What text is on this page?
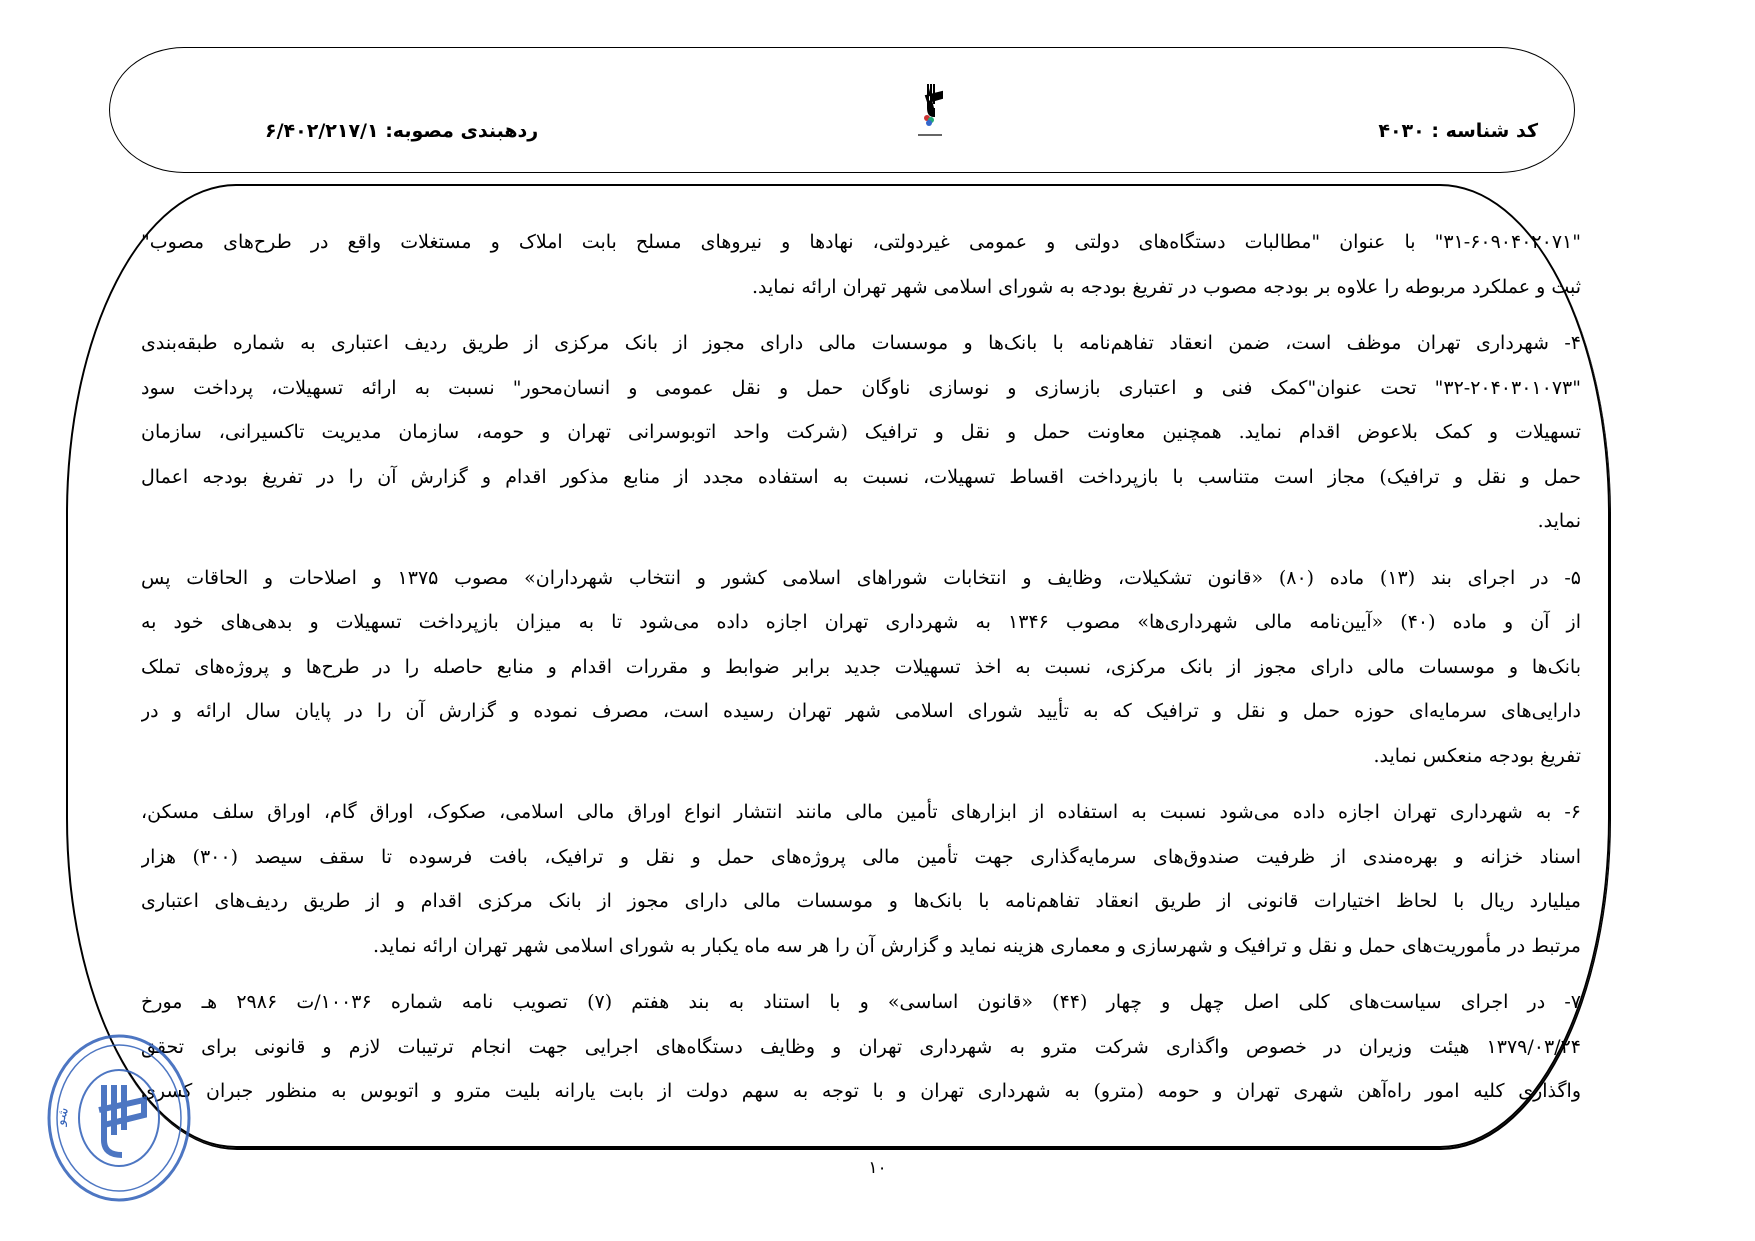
کد شناسه : ۴۰۳۰
ردهبندی مصوبه: ۶/۴۰۲/۲۱۷/۱
"۳۱-۶۰۹۰۴۰۲۰۷۱" با عنوان "مطالبات دستگاه‌های دولتی و عمومی غیردولتی، نهادها و نیروهای مسلح بابت املاک و مستغلات واقع در طرح‌های مصوب"
ثبت و عملکرد مربوطه را علاوه بر بودجه مصوب در تفریغ بودجه به شورای اسلامی شهر تهران ارائه نماید.
۴- شهرداری تهران موظف است، ضمن انعقاد تفاهم‌نامه با بانک‌ها و موسسات مالی دارای مجوز از بانک مرکزی از طریق ردیف اعتباری به شماره طبقه‌بندی
"۳۲-۲۰۴۰۳۰۱۰۷۳" تحت عنوان"کمک فنی و اعتباری بازسازی و نوسازی ناوگان حمل و نقل عمومی و انسان‌محور" نسبت به ارائه تسهیلات، پرداخت سود
تسهیلات و کمک بلاعوض اقدام نماید. همچنین معاونت حمل و نقل و ترافیک (شرکت واحد اتوبوسرانی تهران و حومه، سازمان مدیریت تاکسیرانی، سازمان
حمل و نقل و ترافیک) مجاز است متناسب با بازپرداخت اقساط تسهیلات، نسبت به استفاده مجدد از منابع مذکور اقدام و گزارش آن را در تفریغ بودجه اعمال
نماید.
۵- در اجرای بند (۱۳) ماده (۸۰) «قانون تشکیلات، وظایف و انتخابات شوراهای اسلامی کشور و انتخاب شهرداران» مصوب ۱۳۷۵ و اصلاحات و الحاقات پس
از آن و ماده (۴۰) «آیین‌نامه مالی شهرداری‌ها» مصوب ۱۳۴۶ به شهرداری تهران اجازه داده می‌شود تا به میزان بازپرداخت تسهیلات و بدهی‌های خود به
بانک‌ها و موسسات مالی دارای مجوز از بانک مرکزی، نسبت به اخذ تسهیلات جدید برابر ضوابط و مقررات اقدام و منابع حاصله را در طرح‌ها و پروژه‌های تملک
دارایی‌های سرمایه‌ای حوزه حمل و نقل و ترافیک که به تأیید شورای اسلامی شهر تهران رسیده است، مصرف نموده و گزارش آن را در پایان سال ارائه و در
تفریغ بودجه منعکس نماید.
۶- به شهرداری تهران اجازه داده می‌شود نسبت به استفاده از ابزارهای تأمین مالی مانند انتشار انواع اوراق مالی اسلامی، صکوک، اوراق گام، اوراق سلف مسکن،
اسناد خزانه و بهره‌مندی از ظرفیت صندوق‌های سرمایه‌گذاری جهت تأمین مالی پروژه‌های حمل و نقل و ترافیک، بافت فرسوده تا سقف سیصد (۳۰۰) هزار
میلیارد ریال با لحاظ اختیارات قانونی از طریق انعقاد تفاهم‌نامه با بانک‌ها و موسسات مالی دارای مجوز از بانک مرکزی اقدام و از طریق ردیف‌های اعتباری
مرتبط در مأموریت‌های حمل و نقل و ترافیک و شهرسازی و معماری هزینه نماید و گزارش آن را هر سه ماه یکبار به شورای اسلامی شهر تهران ارائه نماید.
۷- در اجرای سیاست‌های کلی اصل چهل و چهار (۴۴) «قانون اساسی» و با استناد به بند هفتم (۷) تصویب نامه شماره ۱۰۰۳۶/ت ۲۹۸۶ هـ مورخ
۱۳۷۹/۰۳/۲۴ هیئت وزیران در خصوص واگذاری شرکت مترو به شهرداری تهران و وظایف دستگاه‌های اجرایی جهت انجام ترتیبات لازم و قانونی برای تحقق
واگذاری کلیه امور راه‌آهن شهری تهران و حومه (مترو) به شهرداری تهران و با توجه به سهم دولت از بابت یارانه بلیت مترو و اتوبوس به منظور جبران کسری
۱۰
شو
